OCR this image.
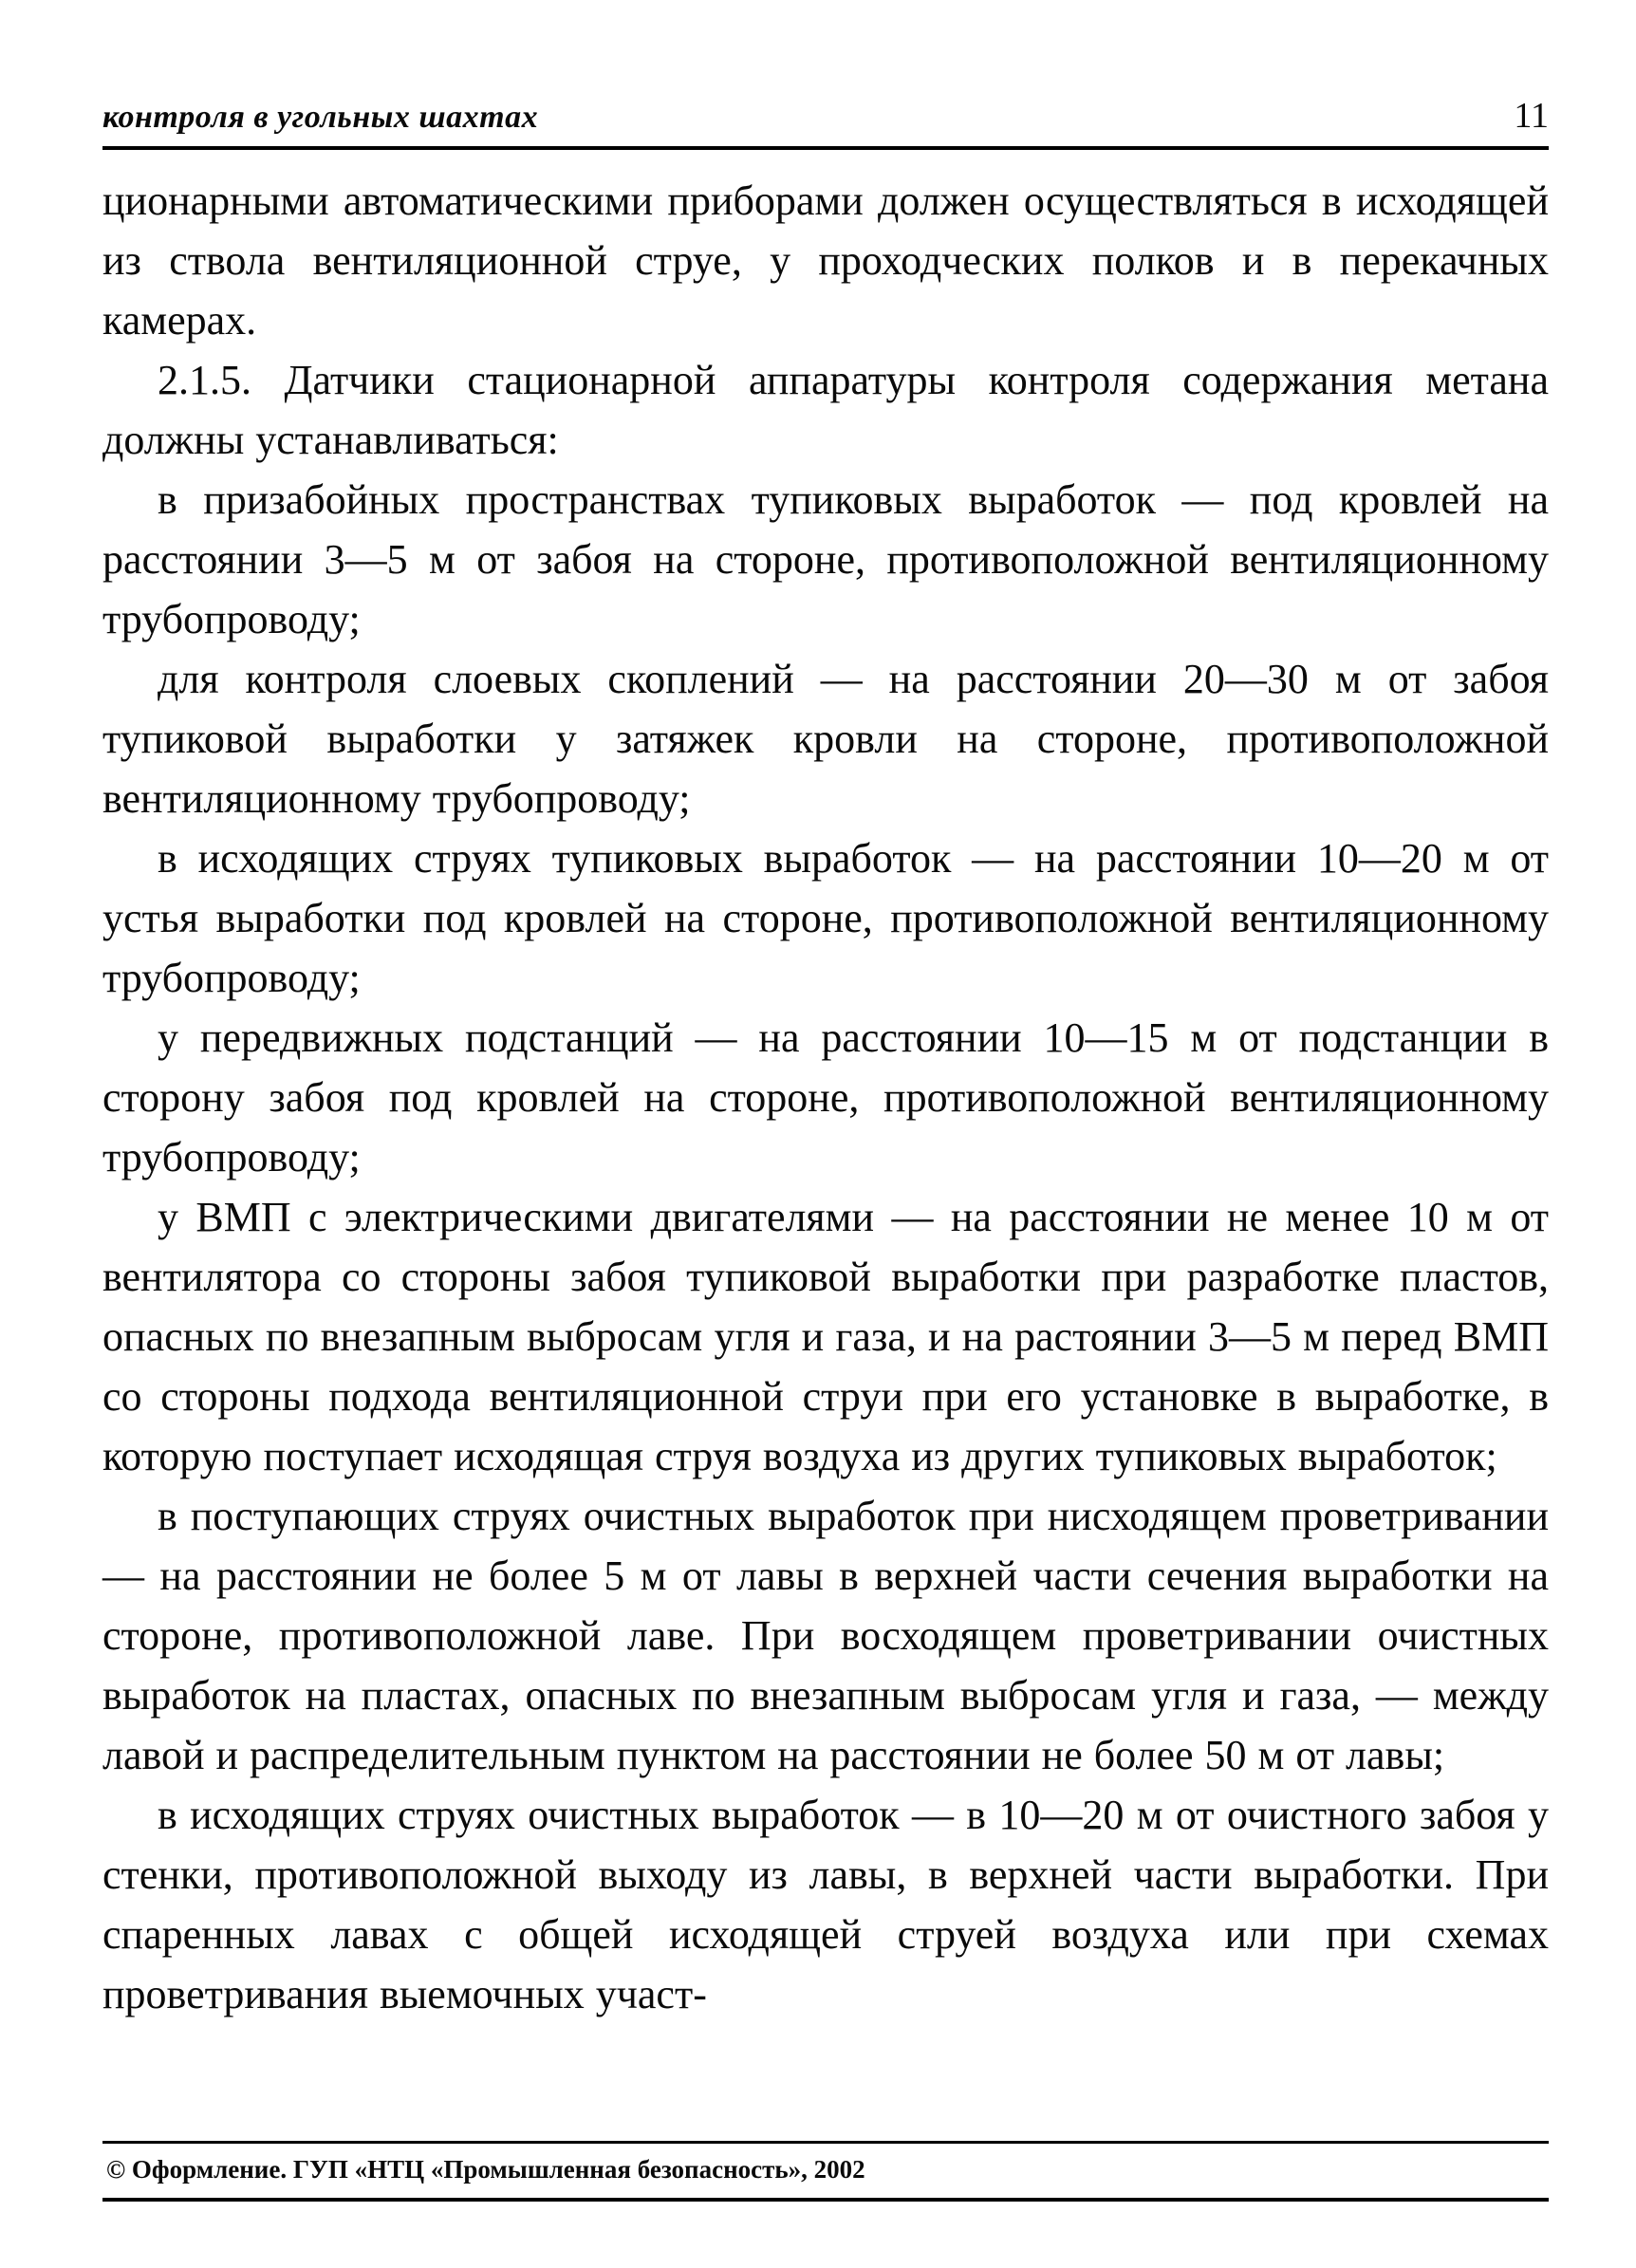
контроля в угольных шахтах	11

ционарными автоматическими приборами должен осуществляться в исходящей из ствола вентиляционной струе, у проходческих полков и в перекачных камерах.

2.1.5. Датчики стационарной аппаратуры контроля содержания метана должны устанавливаться:

в призабойных пространствах тупиковых выработок — под кровлей на расстоянии 3—5 м от забоя на стороне, противоположной вентиляционному трубопроводу;

для контроля слоевых скоплений — на расстоянии 20—30 м от забоя тупиковой выработки у затяжек кровли на стороне, противоположной вентиляционному трубопроводу;

в исходящих струях тупиковых выработок — на расстоянии 10—20 м от устья выработки под кровлей на стороне, противоположной вентиляционному трубопроводу;

у передвижных подстанций — на расстоянии 10—15 м от подстанции в сторону забоя под кровлей на стороне, противоположной вентиляционному трубопроводу;

у ВМП с электрическими двигателями — на расстоянии не менее 10 м от вентилятора со стороны забоя тупиковой выработки при разработке пластов, опасных по внезапным выбросам угля и газа, и на растоянии 3—5 м перед ВМП со стороны подхода вентиляционной струи при его установке в выработке, в которую поступает исходящая струя воздуха из других тупиковых выработок;

в поступающих струях очистных выработок при нисходящем проветривании — на расстоянии не более 5 м от лавы в верхней части сечения выработки на стороне, противоположной лаве. При восходящем проветривании очистных выработок на пластах, опасных по внезапным выбросам угля и газа, — между лавой и распределительным пунктом на расстоянии не более 50 м от лавы;

в исходящих струях очистных выработок — в 10—20 м от очистного забоя у стенки, противоположной выходу из лавы, в верхней части выработки. При спаренных лавах с общей исходящей струей воздуха или при схемах проветривания выемочных участ-

© Оформление. ГУП «НТЦ «Промышленная безопасность», 2002
